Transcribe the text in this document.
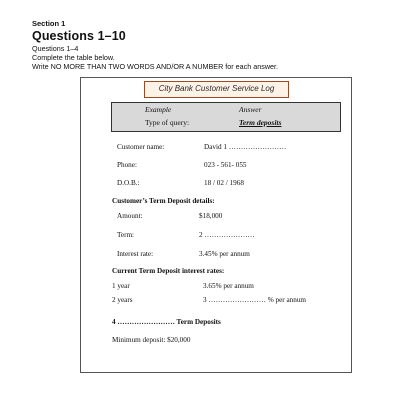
Section 1
Questions 1–10
Questions 1–4
Complete the table below.
Write NO MORE THAN TWO WORDS AND/OR A NUMBER for each answer.
City Bank Customer Service Log
Example	Answer
Type of query:	Term deposits
Customer name:	David 1 ……………………
Phone:	023 - 561- 055
D.O.B.:	18 / 02 / 1968
Customer’s Term Deposit details:
Amount:	$18,000
Term:	2 …………………
Interest rate:	3.45% per annum
Current Term Deposit interest rates:
1 year	3.65% per annum
2 years	3 …………………… % per annum
4 …………………… Term Deposits
Minimum deposit: $20,000
